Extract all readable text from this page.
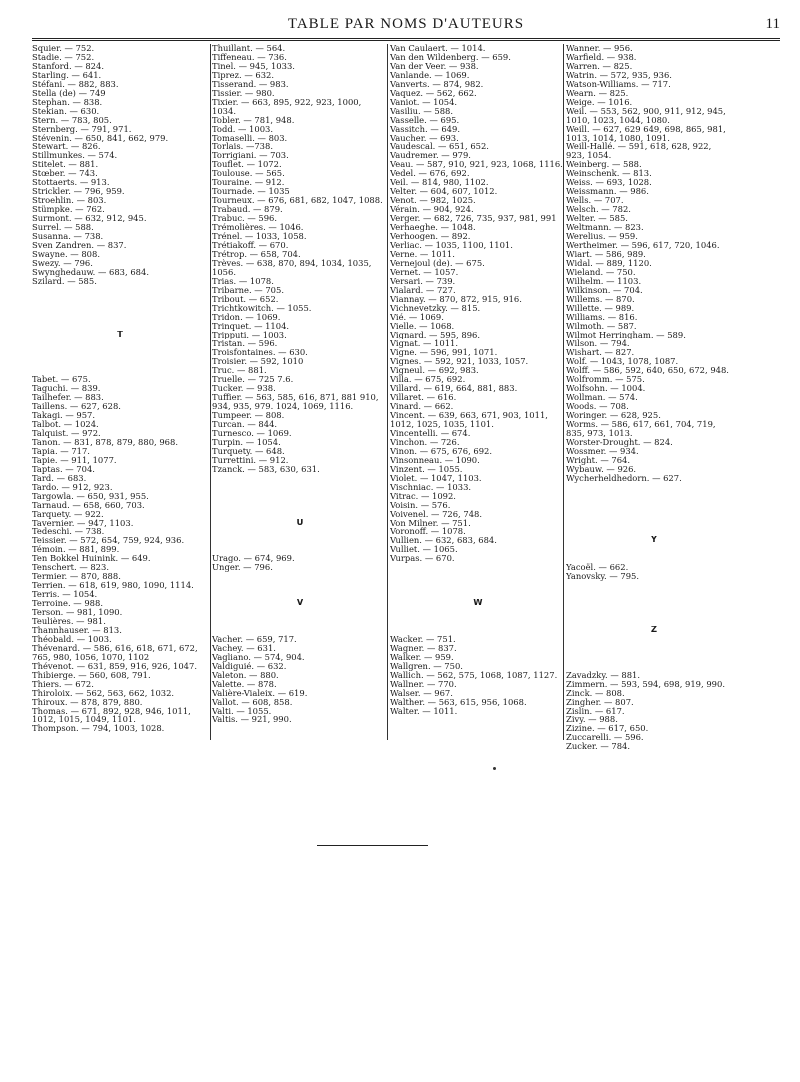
TABLE PAR NOMS D'AUTEURS	11
Squier. — 752.
Stadie. — 752.
Stanford. — 824.
Starling. — 641.
Stéfani. — 882, 883.
Stella (de) — 749
Stephan. — 838.
Stekian. — 630.
Stern. — 783, 805.
Sternberg. — 791, 971.
Stévenin. — 650, 841, 662, 979.
Stewart. — 826.
Stillmunkes. — 574.
Stitelet. — 881.
Stœber. — 743.
Stottaerts. — 913.
Strickler. — 796, 959.
Stroehlin. — 803.
Stümpke. — 762.
Surmont. — 632, 912, 945.
Surrel. — 588.
Susanna. — 738.
Sven Zandren. — 837.
Swayne. — 808.
Swezy. — 796.
Swynghedauw. — 683, 684.
Szilard. — 585.

T

Tabet. — 675.
Taguchi. — 839.
Tailhefer. — 883.
Taillens. — 627, 628.
Takagi. — 957.
Talbot. — 1024.
Talquist. — 972.
Tanon. — 831, 878, 879, 880, 968.
Tapia. — 717.
Tapie. — 911, 1077.
Taptas. — 704.
Tard. — 683.
Tardo. — 912, 923.
Targowla. — 650, 931, 955.
Tarnaud. — 658, 660, 703.
Tarquety. — 922.
Tavernier. — 947, 1103.
Tedeschi. — 738.
Teissier. — 572, 654, 759, 924, 936.
Témoin. — 881, 899.
Ten Bokkel Huinink. — 649.
Tenschert. — 823.
Termier. — 870, 888.
Terrien. — 618, 619, 980, 1090, 1114.
Terris. — 1054.
Terroine. — 988.
Terson. — 981, 1090.
Teulières. — 981.
Thannhauser. — 813.
Théobald. — 1003.
Thévenard. — 586, 616, 618, 671, 672,
765, 980, 1056, 1070, 1102
Thévenot. — 631, 859, 916, 926, 1047.
Thibierge. — 560, 608, 791.
Thiers. — 672.
Thiroloix. — 562, 563, 662, 1032.
Thiroux. — 878, 879, 880.
Thomas. — 671, 892, 928, 946, 1011,
1012, 1015, 1049, 1101.
Thompson. — 794, 1003, 1028.
Thuillant. — 564.
Tiffeneau. — 736.
Tinel. — 945, 1033.
Tiprez. — 632.
Tisserand. — 983.
Tissier. — 980.
Tixier. — 663, 895, 922, 923, 1000,
1034.
Tobler. — 781, 948.
Todd. — 1003.
Tomaselli. — 803.
Torlais. —738.
Torrigiani. — 703.
Touflet. — 1072.
Toulouse. — 565.
Touraine. — 912.
Tournade. — 1035
Tourneux. — 676, 681, 682, 1047, 1088.
Trabaud. — 879.
Trabuc. — 596.
Trémolières. — 1046.
Trénel. — 1033, 1058.
Trétiakoff. — 670.
Trétrop. — 658, 704.
Trèves. — 638, 870, 894, 1034, 1035,
1056.
Trias. — 1078.
Tribarne. — 705.
Tribout. — 652.
Trichtkowitch. — 1055.
Tridon. — 1069.
Trinquet. — 1104.
Tripputi. — 1003.
Tristan. — 596.
Troisfontaines. — 630.
Troisier. — 592, 1010
Truc. — 881.
Truelle. — 725 7.6.
Tucker. — 938.
Tuffier. — 563, 585, 616, 871, 881 910,
934, 935, 979. 1024, 1069, 1116.
Tumpeer. — 808.
Turcan. — 844.
Turnesco. — 1069.
Turpin. — 1054.
Turquety. — 648.
Turrettini. — 912.
Tzanck. — 583, 630, 631.

U

Urago. — 674, 969.
Unger. — 796.

V

Vacher. — 659, 717.
Vachey. — 631.
Vagliano. — 574, 904.
Valdiguié. — 632.
Valeton. — 880.
Valette. — 878.
Valière-Vialeix. — 619.
Vallot. — 608, 858.
Valti. — 1055.
Valtis. — 921, 990.
Van Caulaert. — 1014.
Van den Wildenberg. — 659.
Van der Veer. — 938.
Vanlande. — 1069.
Vanverts. — 874, 982.
Vaquez. — 562, 662.
Vaniot. — 1054.
Vasiliu. — 588.
Vasselle. — 695.
Vassitch. — 649.
Vaucher. — 693.
Vaudescal. — 651, 652.
Vaudremer. — 979.
Veau. — 587, 910, 921, 923, 1068, 1116.
Vedel. — 676, 692.
Veil. — 814, 980, 1102.
Velter. — 604, 607, 1012.
Venot. — 982, 1025.
Vérain. — 904, 924.
Verger. — 682, 726, 735, 937, 981, 991
Verhaeghe. — 1048.
Verhoogen. — 892.
Verliac. — 1035, 1100, 1101.
Verne. — 1011.
Vernejoul (de). — 675.
Vernet. — 1057.
Versari. — 739.
Vialard. — 727.
Viannay. — 870, 872, 915, 916.
Vichnevetzky. — 815.
Vié. — 1069.
Vielle. — 1068.
Vignard. — 595, 896.
Vignat. — 1011.
Vigne. — 596, 991, 1071.
Vignes. — 592, 921, 1033, 1057.
Vigneul. — 692, 983.
Villa. — 675, 692.
Villard. — 619, 664, 881, 883.
Villaret. — 616.
Vinard. — 662.
Vincent. — 639, 663, 671, 903, 1011,
1012, 1025, 1035, 1101.
Vincentelli. — 674.
Vinchon. — 726.
Vinon. — 675, 676, 692.
Vinsonneau. — 1090.
Vinzent. — 1055.
Violet. — 1047, 1103.
Vischniac. — 1033.
Vitrac. — 1092.
Voisin. — 576.
Voivenel. — 726, 748.
Von Milner. — 751.
Voronoff. — 1078.
Vullien. — 632, 683, 684.
Vulliet. — 1065.
Vurpas. — 670.

W

Wacker. — 751.
Wagner. — 837.
Walker. — 959.
Wallgren. — 750.
Wallich. — 562, 575, 1068, 1087, 1127.
Wallner. — 770.
Walser. — 967.
Walther. — 563, 615, 956, 1068.
Walter. — 1011.
Wanner. — 956.
Warfield. — 938.
Warren. — 825.
Watrin. — 572, 935, 936.
Watson-Williams. — 717.
Wearn. — 825.
Weige. — 1016.
Weil. — 553, 562, 900, 911, 912, 945,
1010, 1023, 1044, 1080.
Weill. — 627, 629 649, 698, 865, 981,
1013, 1014, 1080, 1091.
Weill-Hallé. — 591, 618, 628, 922,
923, 1054.
Weinberg. — 588.
Weinschenk. — 813.
Weiss. — 693, 1028.
Weissmann. — 986.
Wells. — 707.
Welsch. — 782.
Welter. — 585.
Weltmann. — 823.
Werelius. — 959.
Wertheimer. — 596, 617, 720, 1046.
Wiart. — 586, 989.
Widal. — 889, 1120.
Wieland. — 750.
Wilhelm. — 1103.
Wilkinson. — 704.
Willems. — 870.
Willette. — 989.
Williams. — 816.
Wilmoth. — 587.
Wilmot Herringham. — 589.
Wilson. — 794.
Wishart. — 827.
Wolf. — 1043, 1078, 1087.
Wolff. — 586, 592, 640, 650, 672, 948.
Wolfromm. — 575.
Wolfsohn. — 1004.
Wollman. — 574.
Woods. — 708.
Woringer. — 628, 925.
Worms. — 586, 617, 661, 704, 719,
835, 973, 1013.
Worster-Drought. — 824.
Wossmer. — 934.
Wright. — 764.
Wybauw. — 926.
Wycherheldhedorn. — 627.

Y

Yacoël. — 662.
Yanovsky. — 795.

Z

Zavadzky. — 881.
Zimmern. — 593, 594, 698, 919, 990.
Zinck. — 808.
Zingher. — 807.
Zislin. — 617.
Zivy. — 988.
Zizine. — 617, 650.
Zuccarelli. — 596.
Zucker. — 784.
